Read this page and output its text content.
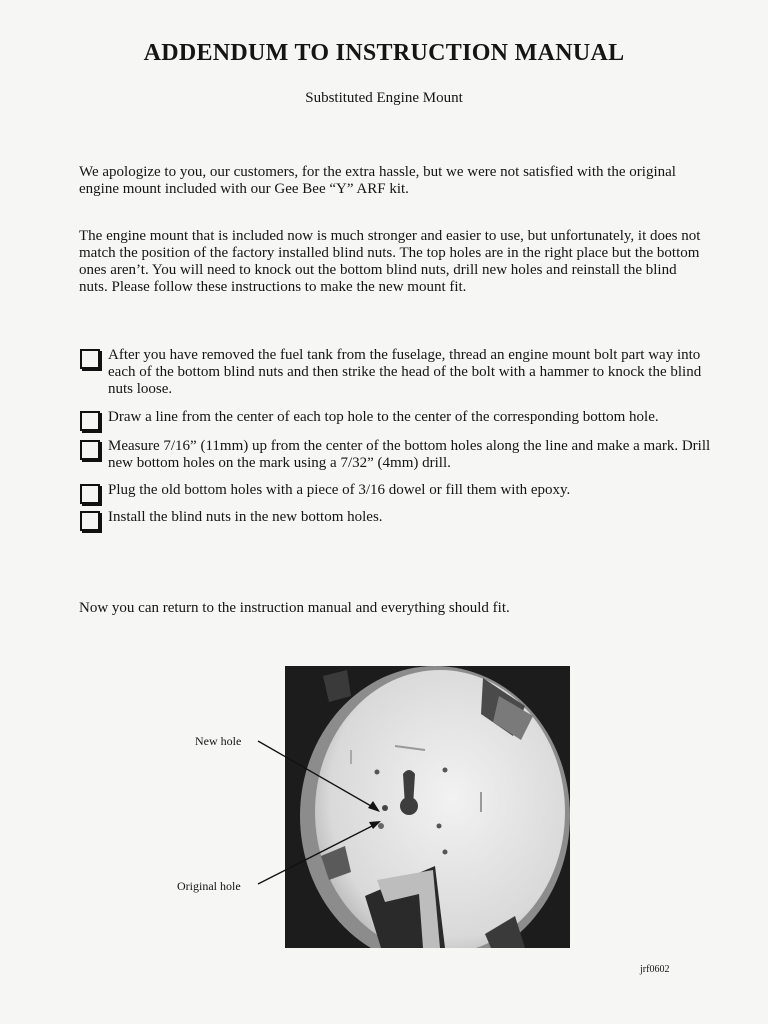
ADDENDUM TO INSTRUCTION MANUAL
Substituted Engine Mount
We apologize to you, our customers, for the extra hassle, but we were not satisfied with the original engine mount included with our Gee Bee “Y” ARF kit.
The engine mount that is included now is much stronger and easier to use, but unfortunately, it does not match the position of the factory installed blind nuts. The top holes are in the right place but the bottom ones aren’t. You will need to knock out the bottom blind nuts, drill new holes and reinstall the blind nuts. Please follow these instructions to make the new mount fit.
After you have removed the fuel tank from the fuselage, thread an engine mount bolt part way into each of the bottom blind nuts and then strike the head of the bolt with a hammer to knock the blind nuts loose.
Draw a line from the center of each top hole to the center of the corresponding bottom hole.
Measure 7/16” (11mm) up from the center of the bottom holes along the line and make a mark. Drill new bottom holes on the mark using a 7/32” (4mm) drill.
Plug the old bottom holes with a piece of 3/16 dowel or fill them with epoxy.
Install the blind nuts in the new bottom holes.
Now you can return to the instruction manual and everything should fit.
New hole
Original hole
jrf0602
